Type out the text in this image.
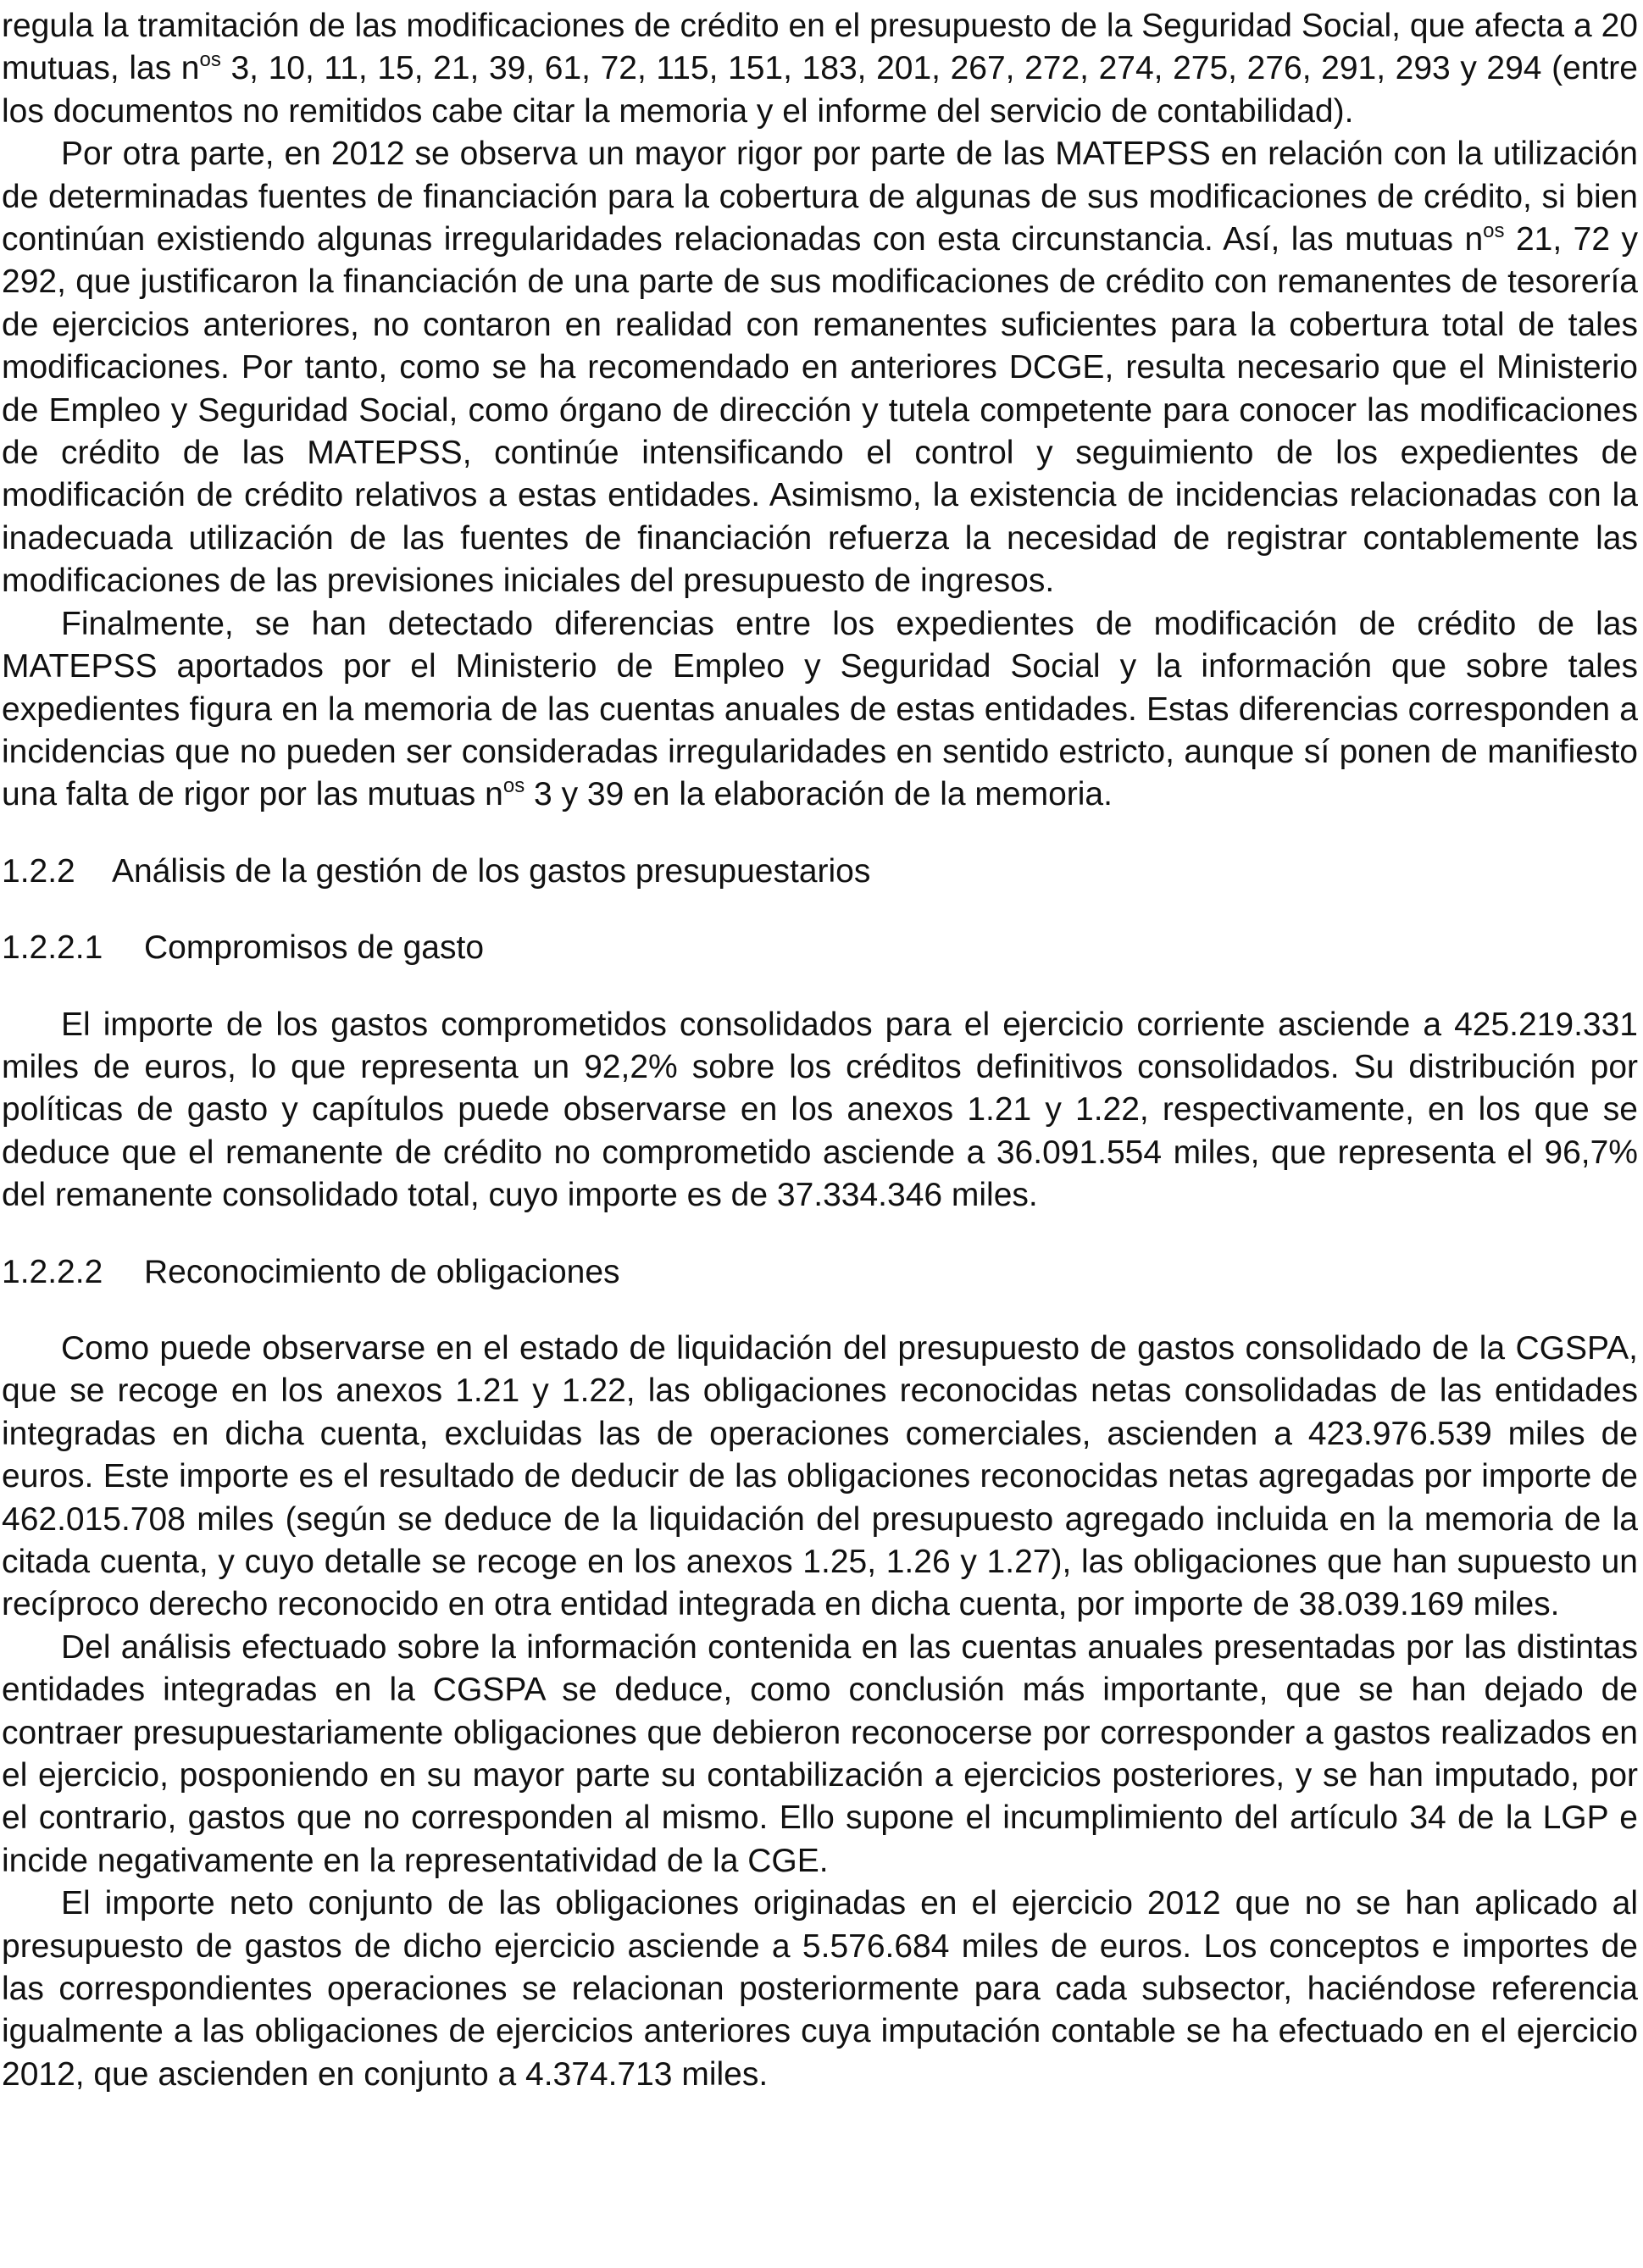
regula la tramitación de las modificaciones de crédito en el presupuesto de la Seguridad Social, que afecta a 20 mutuas, las $n^{os}$ 3, 10, 11, 15, 21, 39, 61, 72, 115, 151, 183, 201, 267, 272, 274, 275, 276, 291, 293 y 294 (entre los documentos no remitidos cabe citar la memoria y el informe del servicio de contabilidad).

Por otra parte, en 2012 se observa un mayor rigor por parte de las MATEPSS en relación con la utilización de determinadas fuentes de financiación para la cobertura de algunas de sus modificaciones de crédito, si bien continúan existiendo algunas irregularidades relacionadas con esta circunstancia. Así, las mutuas $n^{os}$ 21, 72 y 292, que justificaron la financiación de una parte de sus modificaciones de crédito con remanentes de tesorería de ejercicios anteriores, no contaron en realidad con remanentes suficientes para la cobertura total de tales modificaciones. Por tanto, como se ha recomendado en anteriores DCGE, resulta necesario que el Ministerio de Empleo y Seguridad Social, como órgano de dirección y tutela competente para conocer las modificaciones de crédito de las MATEPSS, continúe intensificando el control y seguimiento de los expedientes de modificación de crédito relativos a estas entidades. Asimismo, la existencia de incidencias relacionadas con la inadecuada utilización de las fuentes de financiación refuerza la necesidad de registrar contablemente las modificaciones de las previsiones iniciales del presupuesto de ingresos.

Finalmente, se han detectado diferencias entre los expedientes de modificación de crédito de las MATEPSS aportados por el Ministerio de Empleo y Seguridad Social y la información que sobre tales expedientes figura en la memoria de las cuentas anuales de estas entidades. Estas diferencias corresponden a incidencias que no pueden ser consideradas irregularidades en sentido estricto, aunque sí ponen de manifiesto una falta de rigor por las mutuas $n^{os}$ 3 y 39 en la elaboración de la memoria.

1.2.2 Análisis de la gestión de los gastos presupuestarios
1.2.2.1 Compromisos de gasto

El importe de los gastos comprometidos consolidados para el ejercicio corriente asciende a 425.219.331 miles de euros, lo que representa un 92,2% sobre los créditos definitivos consolidados. Su distribución por políticas de gasto y capítulos puede observarse en los anexos 1.21 y 1.22, respectivamente, en los que se deduce que el remanente de crédito no comprometido asciende a 36.091.554 miles, que representa el 96,7% del remanente consolidado total, cuyo importe es de 37.334.346 miles.

1.2.2.2 Reconocimiento de obligaciones

Como puede observarse en el estado de liquidación del presupuesto de gastos consolidado de la CGSPA, que se recoge en los anexos 1.21 y 1.22, las obligaciones reconocidas netas consolidadas de las entidades integradas en dicha cuenta, excluidas las de operaciones comerciales, ascienden a 423.976.539 miles de euros. Este importe es el resultado de deducir de las obligaciones reconocidas netas agregadas por importe de 462.015.708 miles (según se deduce de la liquidación del presupuesto agregado incluida en la memoria de la citada cuenta, y cuyo detalle se recoge en los anexos 1.25, 1.26 y 1.27), las obligaciones que han supuesto un recíproco derecho reconocido en otra entidad integrada en dicha cuenta, por importe de 38.039.169 miles.

Del análisis efectuado sobre la información contenida en las cuentas anuales presentadas por las distintas entidades integradas en la CGSPA se deduce, como conclusión más importante, que se han dejado de contraer presupuestariamente obligaciones que debieron reconocerse por corresponder a gastos realizados en el ejercicio, posponiendo en su mayor parte su contabilización a ejercicios posteriores, y se han imputado, por el contrario, gastos que no corresponden al mismo. Ello supone el incumplimiento del artículo 34 de la LGP e incide negativamente en la representatividad de la CGE.

El importe neto conjunto de las obligaciones originadas en el ejercicio 2012 que no se han aplicado al presupuesto de gastos de dicho ejercicio asciende a 5.576.684 miles de euros. Los conceptos e importes de las correspondientes operaciones se relacionan posteriormente para cada subsector, haciéndose referencia igualmente a las obligaciones de ejercicios anteriores cuya imputación contable se ha efectuado en el ejercicio 2012, que ascienden en conjunto a 4.374.713 miles.
